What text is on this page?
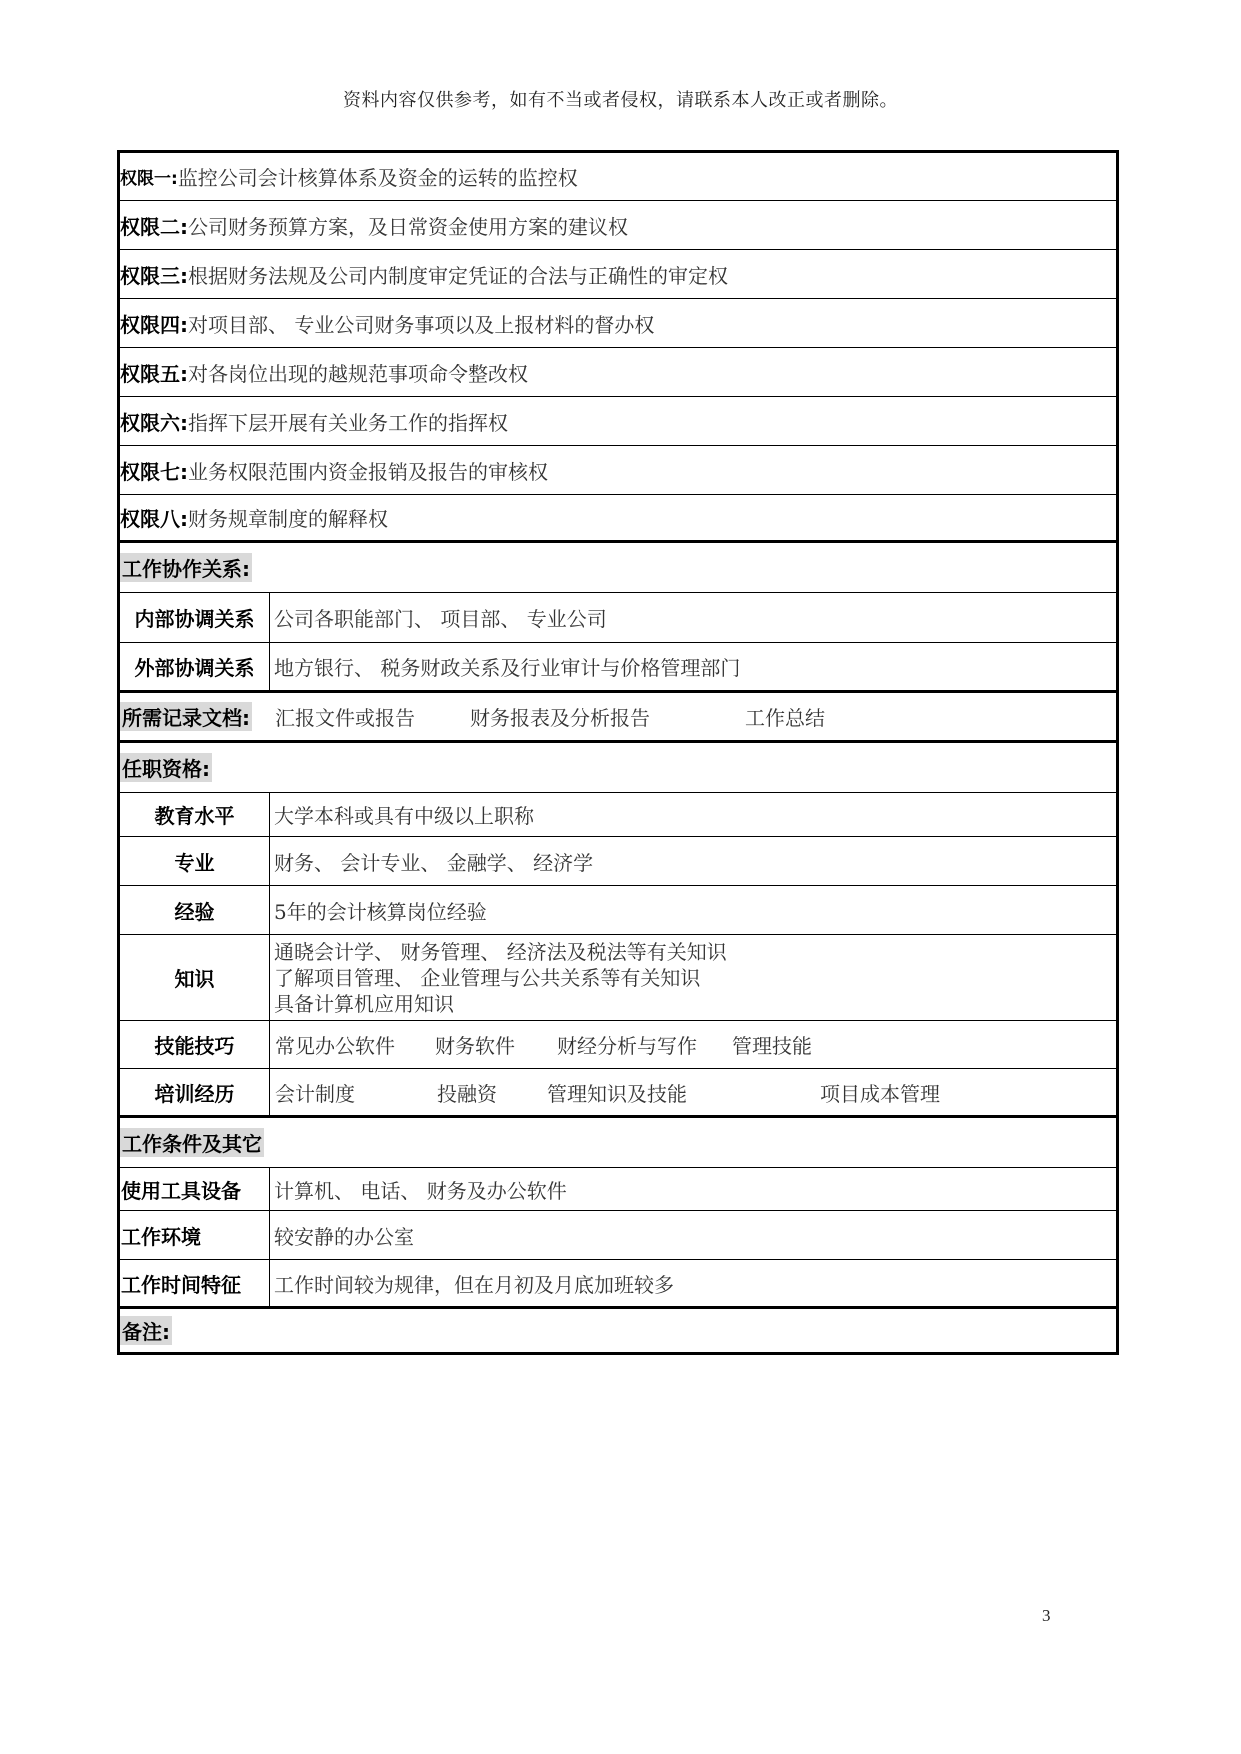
资料内容仅供参考，如有不当或者侵权，请联系本人改正或者删除。
权限一: 监控公司会计核算体系及资金的运转的监控权
权限二: 公司财务预算方案，及日常资金使用方案的建议权
权限三: 根据财务法规及公司内制度审定凭证的合法与正确性的审定权
权限四: 对项目部、 专业公司财务事项以及上报材料的督办权
权限五: 对各岗位出现的越规范事项命令整改权
权限六: 指挥下层开展有关业务工作的指挥权
权限七: 业务权限范围内资金报销及报告的审核权
权限八: 财务规章制度的解释权
工作协作关系:
内部协调关系 公司各职能部门、 项目部、 专业公司
外部协调关系 地方银行、 税务财政关系及行业审计与价格管理部门
所需记录文档: 汇报文件或报告	财务报表及分析报告	工作总结
任职资格:
教育水平 大学本科或具有中级以上职称
专业	财务、 会计专业、 金融学、 经济学
经验	5年的会计核算岗位经验
知识
通晓会计学、 财务管理、 经济法及税法等有关知识
了解项目管理、 企业管理与公共关系等有关知识
具备计算机应用知识
技能技巧 常见办公软件 财务软件 财经分析与写作 管理技能
培训经历 会计制度	投融资	管理知识及技能	项目成本管理
工作条件及其它
使用工具设备 计算机、 电话、 财务及办公软件
工作环境	较安静的办公室
工作时间特征 工作时间较为规律，但在月初及月底加班较多
备注:
3
